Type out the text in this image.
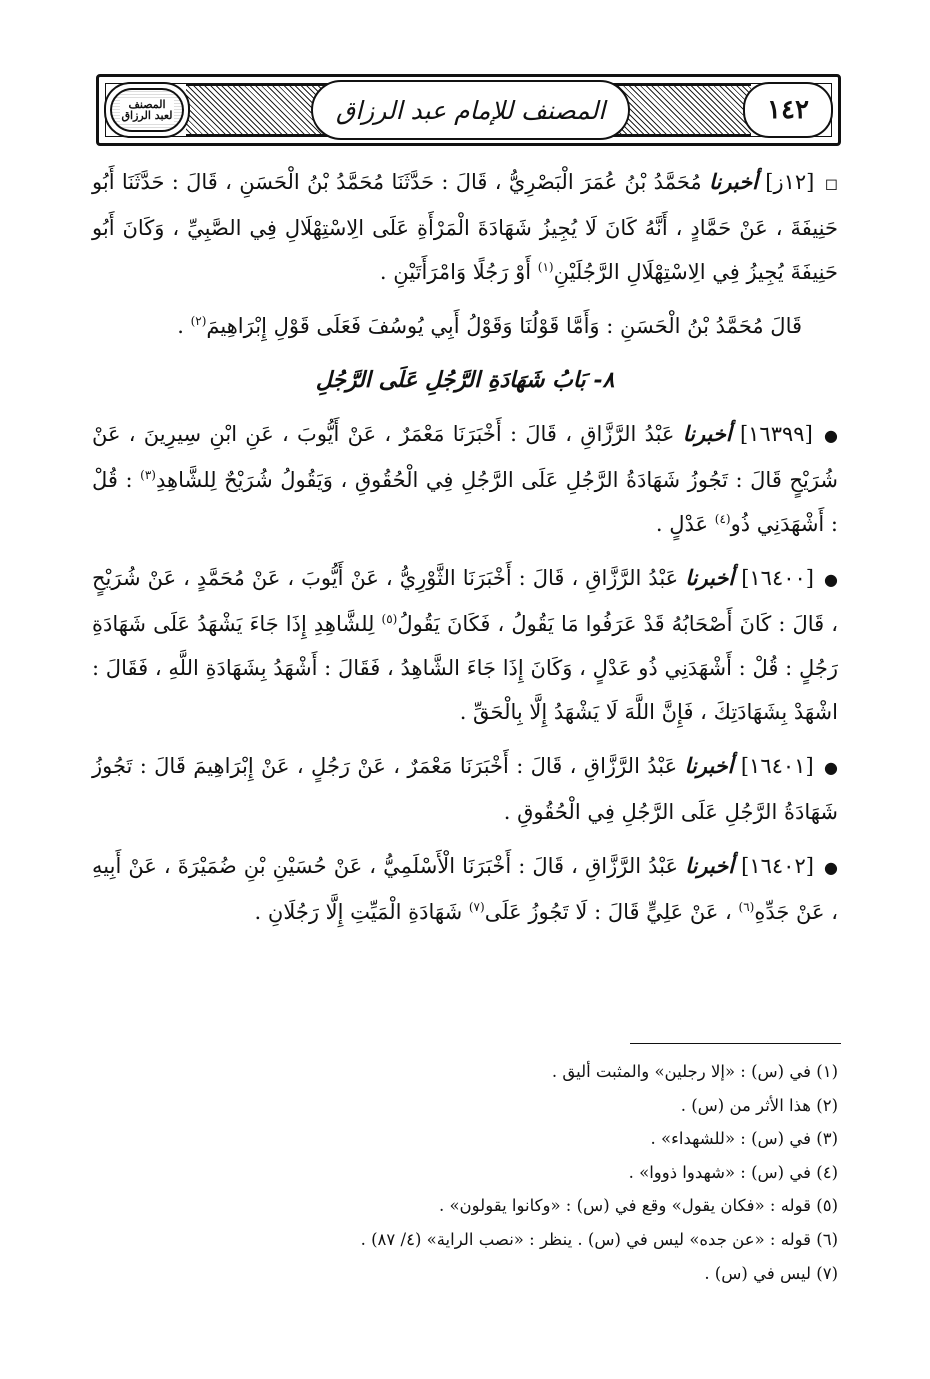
المصنف للإمام عبد الرزاق	١٤٢
المصنف
لعبد الرزاق

◻ [١٢ز] أخبرنا مُحَمَّدُ بْنُ عُمَرَ الْبَصْرِيُّ ، قَالَ : حَدَّثَنَا مُحَمَّدُ بْنُ الْحَسَنِ ، قَالَ : حَدَّثَنَا أَبُو حَنِيفَةَ ، عَنْ حَمَّادٍ ، أَنَّهُ كَانَ لَا يُجِيزُ شَهَادَةَ الْمَرْأَةِ عَلَى الِاسْتِهْلَالِ فِي الصَّبِيِّ ، وَكَانَ أَبُو حَنِيفَةَ يُجِيزُ فِي الِاسْتِهْلَالِ الرَّجُلَيْنِ$^{(١)}$ أَوْ رَجُلًا وَامْرَأَتَيْنِ .

قَالَ مُحَمَّدُ بْنُ الْحَسَنِ : وَأَمَّا قَوْلُنَا وَقَوْلُ أَبِي يُوسُفَ فَعَلَى قَوْلِ إِبْرَاهِيمَ$^{(٢)}$ .

٨- بَابُ شَهَادَةِ الرَّجُلِ عَلَى الرَّجُلِ

● [١٦٣٩٩] أخبرنا عَبْدُ الرَّزَّاقِ ، قَالَ : أَخْبَرَنَا مَعْمَرٌ ، عَنْ أَيُّوبَ ، عَنِ ابْنِ سِيرِينَ ، عَنْ شُرَيْحٍ قَالَ : تَجُوزُ شَهَادَةُ الرَّجُلِ عَلَى الرَّجُلِ فِي الْحُقُوقِ ، وَيَقُولُ شُرَيْحٌ لِلشَّاهِدِ$^{(٣)}$ : قُلْ : أَشْهَدَنِي ذُو$^{(٤)}$ عَدْلٍ .

● [١٦٤٠٠] أخبرنا عَبْدُ الرَّزَّاقِ ، قَالَ : أَخْبَرَنَا الثَّوْرِيُّ ، عَنْ أَيُّوبَ ، عَنْ مُحَمَّدٍ ، عَنْ شُرَيْحٍ ، قَالَ : كَانَ أَصْحَابُهُ قَدْ عَرَفُوا مَا يَقُولُ ، فَكَانَ يَقُولُ$^{(٥)}$ لِلشَّاهِدِ إِذَا جَاءَ يَشْهَدُ عَلَى شَهَادَةِ رَجُلٍ : قُلْ : أَشْهَدَنِي ذُو عَدْلٍ ، وَكَانَ إِذَا جَاءَ الشَّاهِدُ ، فَقَالَ : أَشْهَدُ بِشَهَادَةِ اللَّهِ ، فَقَالَ : اشْهَدْ بِشَهَادَتِكَ ، فَإِنَّ اللَّهَ لَا يَشْهَدُ إِلَّا بِالْحَقِّ .

● [١٦٤٠١] أخبرنا عَبْدُ الرَّزَّاقِ ، قَالَ : أَخْبَرَنَا مَعْمَرٌ ، عَنْ رَجُلٍ ، عَنْ إِبْرَاهِيمَ قَالَ : تَجُوزُ شَهَادَةُ الرَّجُلِ عَلَى الرَّجُلِ فِي الْحُقُوقِ .

● [١٦٤٠٢] أخبرنا عَبْدُ الرَّزَّاقِ ، قَالَ : أَخْبَرَنَا الْأَسْلَمِيُّ ، عَنْ حُسَيْنِ بْنِ ضُمَيْرَةَ ، عَنْ أَبِيهِ ، عَنْ جَدِّهِ$^{(٦)}$ ، عَنْ عَلِيٍّ قَالَ : لَا تَجُوزُ عَلَى$^{(٧)}$ شَهَادَةِ الْمَيِّتِ إِلَّا رَجُلَانِ .

(١) في (س) : «إلا رجلين» والمثبت أليق .
(٢) هذا الأثر من (س) .
(٣) في (س) : «للشهداء» .
(٤) في (س) : «شهدوا ذووا» .
(٥) قوله : «فكان يقول» وقع في (س) : «وكانوا يقولون» .
(٦) قوله : «عن جده» ليس في (س) . ينظر : «نصب الراية» (٤/ ٨٧) .
(٧) ليس في (س) .
